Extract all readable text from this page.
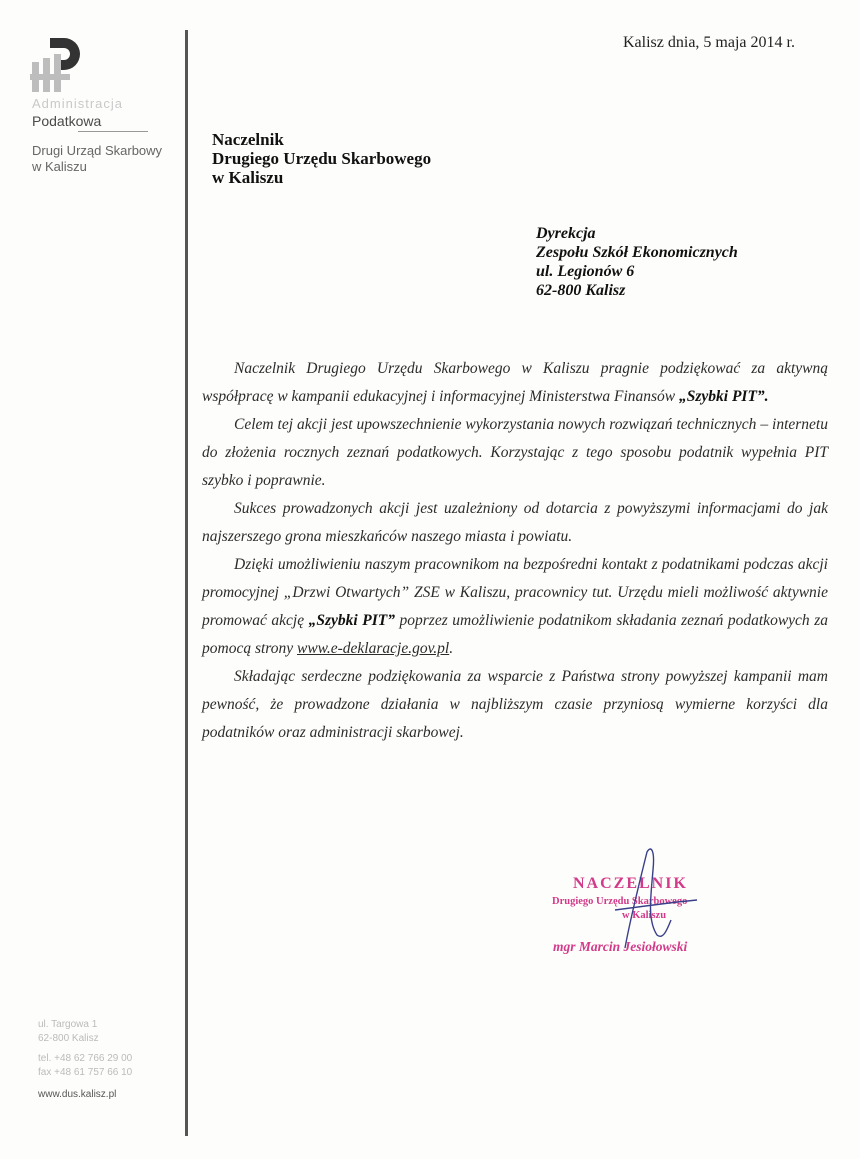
Administracja
Podatkowa
Drugi Urząd Skarbowy
w Kaliszu
ul. Targowa 1
62-800 Kalisz
tel. +48 62 766 29 00
fax +48 61 757 66 10
www.dus.kalisz.pl
Kalisz dnia, 5 maja 2014 r.
Naczelnik
Drugiego Urzędu Skarbowego
w Kaliszu
Dyrekcja
Zespołu Szkół Ekonomicznych
ul. Legionów 6
62-800 Kalisz

Naczelnik Drugiego Urzędu Skarbowego w Kaliszu pragnie podziękować za aktywną współpracę w kampanii edukacyjnej i informacyjnej Ministerstwa Finansów „Szybki PIT”.

Celem tej akcji jest upowszechnienie wykorzystania nowych rozwiązań technicznych – internetu do złożenia rocznych zeznań podatkowych. Korzystając z tego sposobu podatnik wypełnia PIT szybko i poprawnie.

Sukces prowadzonych akcji jest uzależniony od dotarcia z powyższymi informacjami do jak najszerszego grona mieszkańców naszego miasta i powiatu.

Dzięki umożliwieniu naszym pracownikom na bezpośredni kontakt z podatnikami podczas akcji promocyjnej „Drzwi Otwartych” ZSE w Kaliszu, pracownicy tut. Urzędu mieli możliwość aktywnie promować akcję „Szybki PIT” poprzez umożliwienie podatnikom składania zeznań podatkowych za pomocą strony www.e-deklaracje.gov.pl.

Składając serdeczne podziękowania za wsparcie z Państwa strony powyższej kampanii mam pewność, że prowadzone działania w najbliższym czasie przyniosą wymierne korzyści dla podatników oraz administracji skarbowej.

NACZELNIK
Drugiego Urzędu Skarbowego
w Kaliszu
mgr Marcin Jesiołowski
